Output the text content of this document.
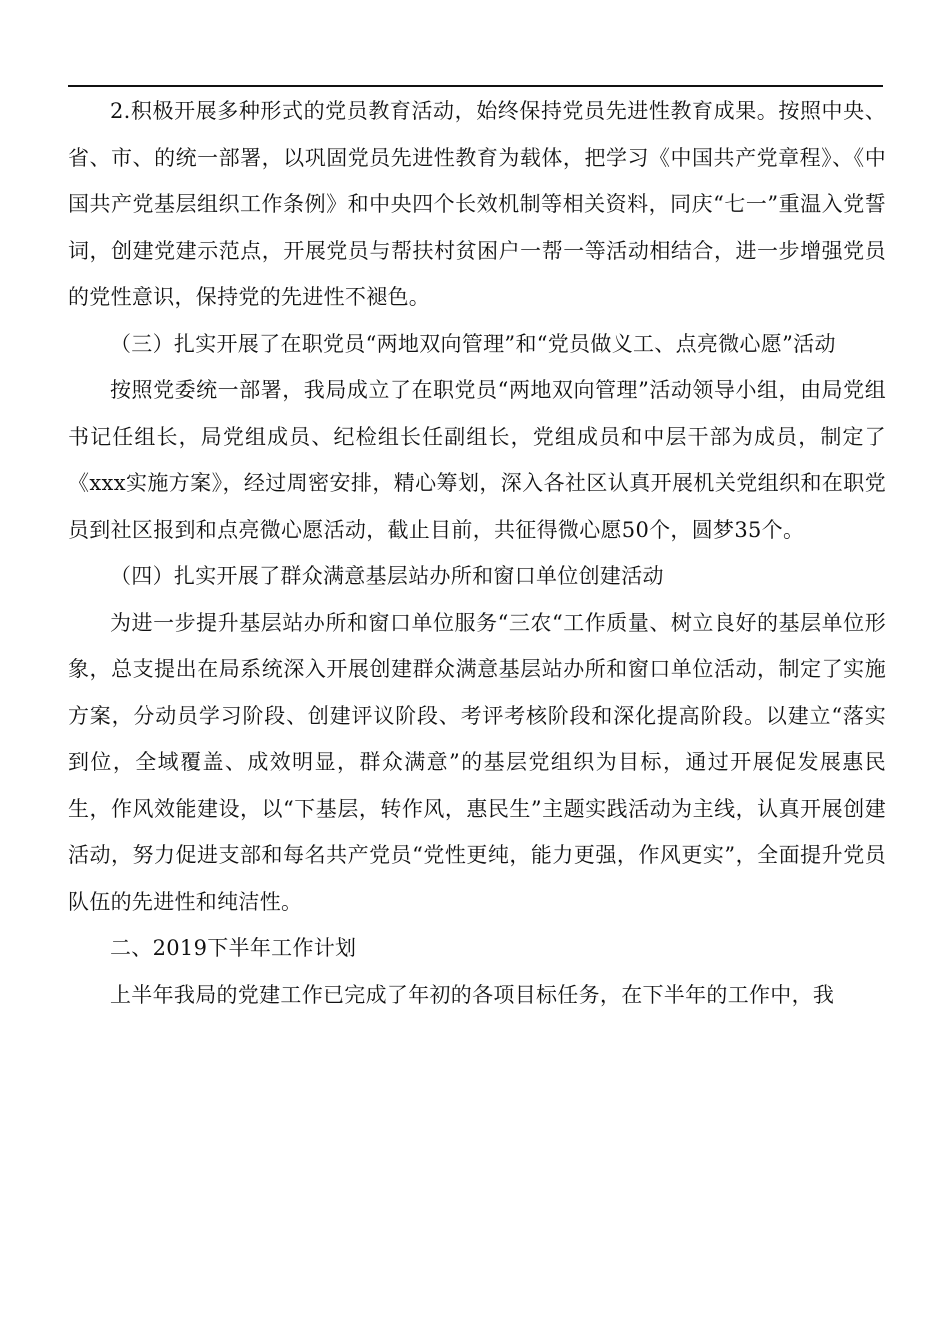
2.积极开展多种形式的党员教育活动，始终保持党员先进性教育成果。按照中央、省、市、的统一部署，以巩固党员先进性教育为载体，把学习《中国共产党章程》、《中国共产党基层组织工作条例》和中央四个长效机制等相关资料，同庆“七一”重温入党誓词，创建党建示范点，开展党员与帮扶村贫困户一帮一等活动相结合，进一步增强党员的党性意识，保持党的先进性不褪色。

（三）扎实开展了在职党员“两地双向管理”和“党员做义工、点亮微心愿”活动

按照党委统一部署，我局成立了在职党员“两地双向管理”活动领导小组，由局党组书记任组长，局党组成员、纪检组长任副组长，党组成员和中层干部为成员，制定了《xxx实施方案》，经过周密安排，精心筹划，深入各社区认真开展机关党组织和在职党员到社区报到和点亮微心愿活动，截止目前，共征得微心愿50个，圆梦35个。

（四）扎实开展了群众满意基层站办所和窗口单位创建活动

为进一步提升基层站办所和窗口单位服务“三农“工作质量、树立良好的基层单位形象，总支提出在局系统深入开展创建群众满意基层站办所和窗口单位活动，制定了实施方案，分动员学习阶段、创建评议阶段、考评考核阶段和深化提高阶段。以建立“落实到位，全域覆盖、成效明显，群众满意”的基层党组织为目标，通过开展促发展惠民生，作风效能建设，以“下基层，转作风，惠民生”主题实践活动为主线，认真开展创建活动，努力促进支部和每名共产党员“党性更纯，能力更强，作风更实”，全面提升党员队伍的先进性和纯洁性。

二、2019下半年工作计划

上半年我局的党建工作已完成了年初的各项目标任务，在下半年的工作中，我
